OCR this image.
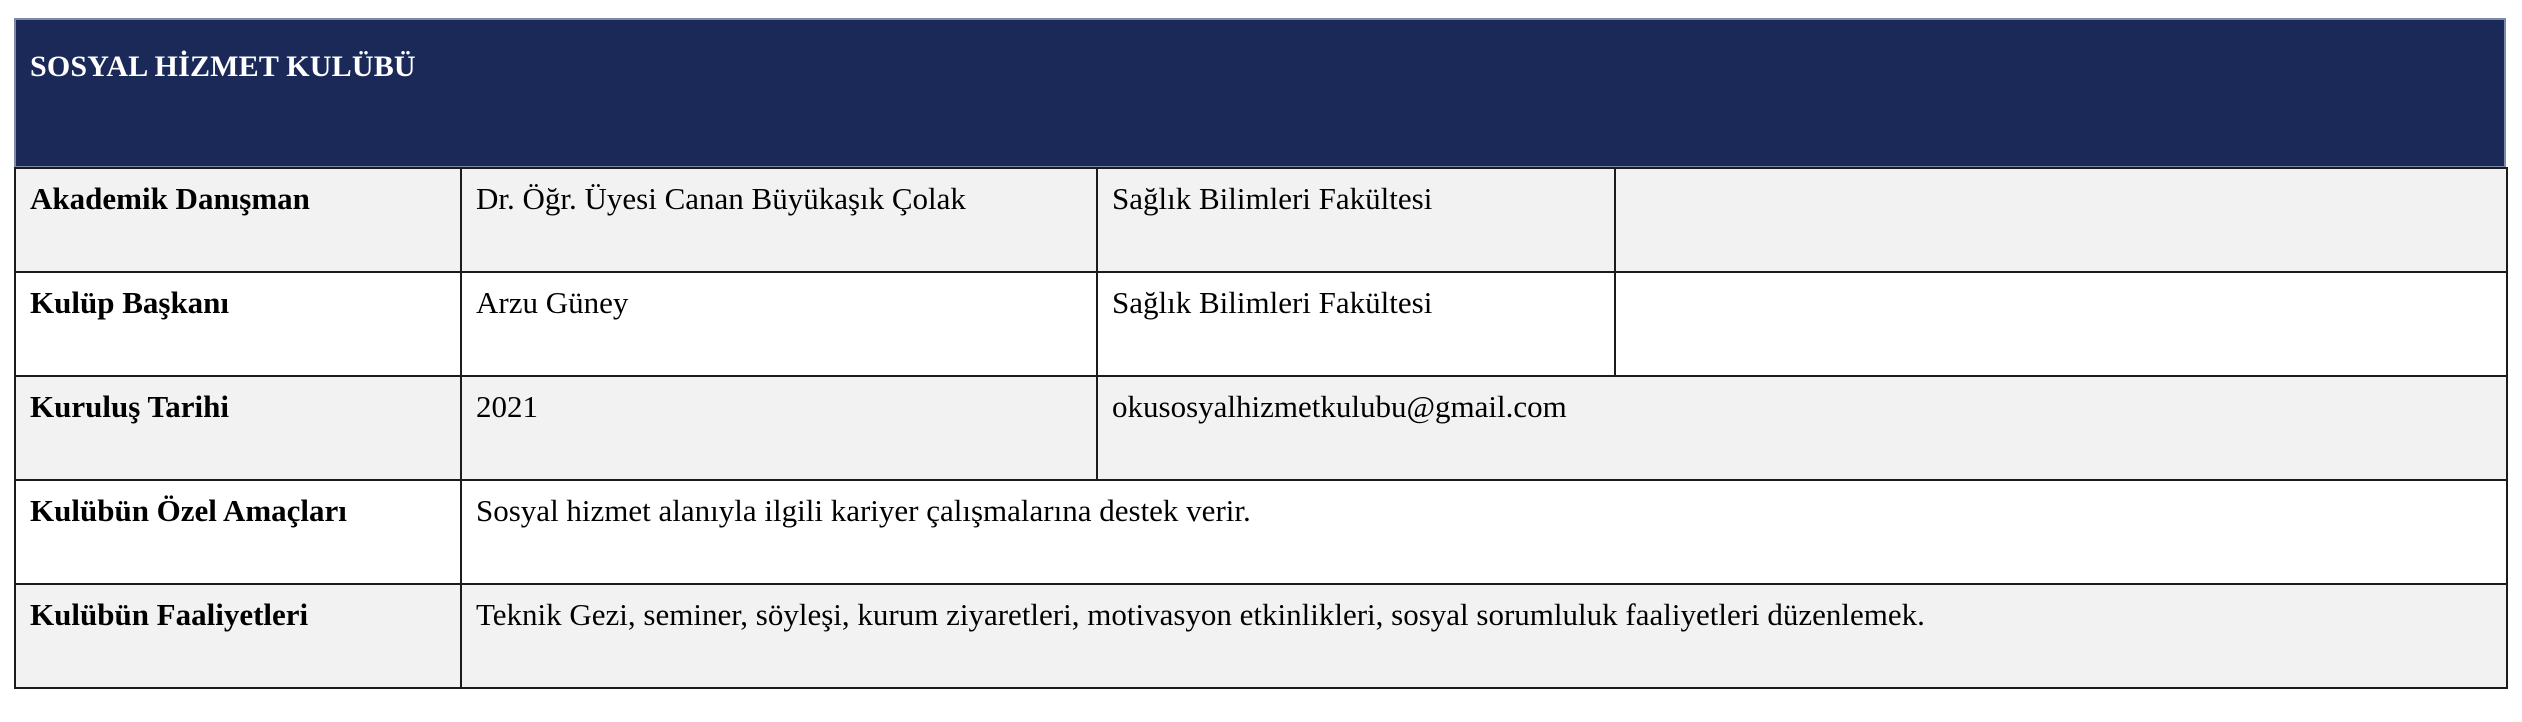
SOSYAL HİZMET KULÜBÜ
Akademik Danışman	Dr. Öğr. Üyesi Canan Büyükaşık Çolak	Sağlık Bilimleri Fakültesi	
Kulüp Başkanı	Arzu Güney	Sağlık Bilimleri Fakültesi	
Kuruluş Tarihi	2021	okusosyalhizmetkulubu@gmail.com	
Kulübün Özel Amaçları	Sosyal hizmet alanıyla ilgili kariyer çalışmalarına destek verir.		
Kulübün Faaliyetleri	Teknik Gezi, seminer, söyleşi, kurum ziyaretleri, motivasyon etkinlikleri, sosyal sorumluluk faaliyetleri düzenlemek.		
